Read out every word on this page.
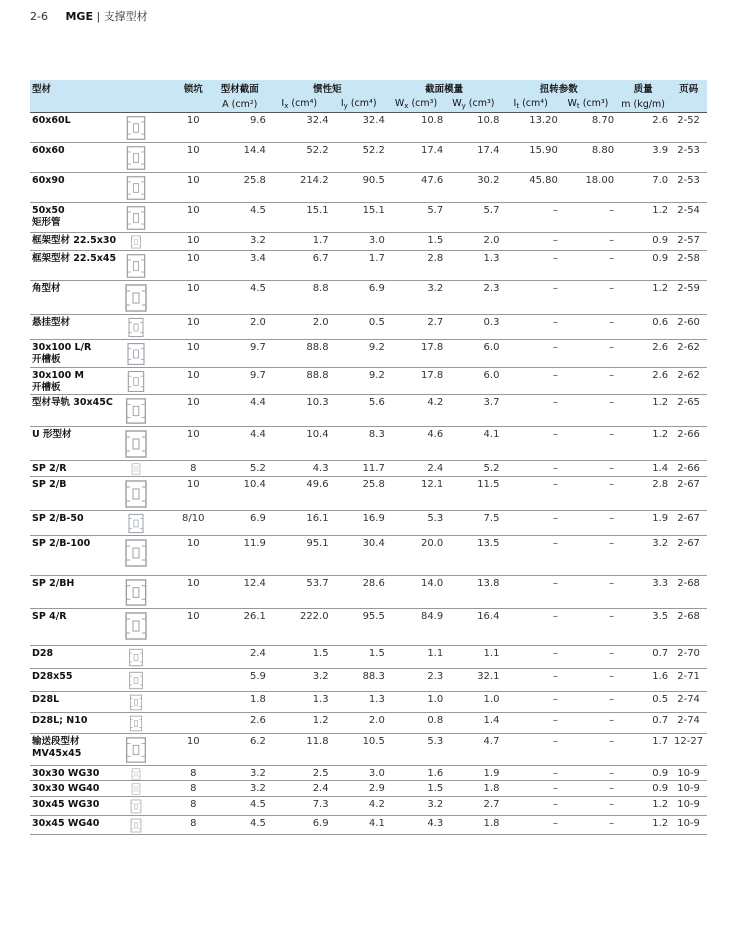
2-6 MGE | 支撑型材
型材		锁坑	型材截面	惯性矩		截面模量		扭转参数		质量	页码
			A (cm²)	$I_x$ (cm⁴)	$I_y$ (cm⁴)	$W_x$ (cm³)	$W_y$ (cm³)	$I_t$ (cm⁴)	$W_t$ (cm³)	m (kg/m)	
60x60L		10	9.6	32.4	32.4	10.8	10.8	13.20	8.70	2.6	2-52
60x60		10	14.4	52.2	52.2	17.4	17.4	15.90	8.80	3.9	2-53
60x90		10	25.8	214.2	90.5	47.6	30.2	45.80	18.00	7.0	2-53
50x50
矩形管		10	4.5	15.1	15.1	5.7	5.7	–	–	1.2	2-54
框架型材 22.5x30		10	3.2	1.7	3.0	1.5	2.0	–	–	0.9	2-57
框架型材 22.5x45		10	3.4	6.7	1.7	2.8	1.3	–	–	0.9	2-58
角型材		10	4.5	8.8	6.9	3.2	2.3	–	–	1.2	2-59
悬挂型材		10	2.0	2.0	0.5	2.7	0.3	–	–	0.6	2-60
30x100 L/R
开槽板		10	9.7	88.8	9.2	17.8	6.0	–	–	2.6	2-62
30x100 M
开槽板		10	9.7	88.8	9.2	17.8	6.0	–	–	2.6	2-62
型材导轨 30x45C		10	4.4	10.3	5.6	4.2	3.7	–	–	1.2	2-65
U 形型材		10	4.4	10.4	8.3	4.6	4.1	–	–	1.2	2-66
SP 2/R		8	5.2	4.3	11.7	2.4	5.2	–	–	1.4	2-66
SP 2/B		10	10.4	49.6	25.8	12.1	11.5	–	–	2.8	2-67
SP 2/B-50		8/10	6.9	16.1	16.9	5.3	7.5	–	–	1.9	2-67
SP 2/B-100		10	11.9	95.1	30.4	20.0	13.5	–	–	3.2	2-67
SP 2/BH		10	12.4	53.7	28.6	14.0	13.8	–	–	3.3	2-68
SP 4/R		10	26.1	222.0	95.5	84.9	16.4	–	–	3.5	2-68
D28			2.4	1.5	1.5	1.1	1.1	–	–	0.7	2-70
D28x55			5.9	3.2	88.3	2.3	32.1	–	–	1.6	2-71
D28L			1.8	1.3	1.3	1.0	1.0	–	–	0.5	2-74
D28L; N10			2.6	1.2	2.0	0.8	1.4	–	–	0.7	2-74
输送段型材
MV45x45		10	6.2	11.8	10.5	5.3	4.7	–	–	1.7	12-27
30x30 WG30		8	3.2	2.5	3.0	1.6	1.9	–	–	0.9	10-9
30x30 WG40		8	3.2	2.4	2.9	1.5	1.8	–	–	0.9	10-9
30x45 WG30		8	4.5	7.3	4.2	3.2	2.7	–	–	1.2	10-9
30x45 WG40		8	4.5	6.9	4.1	4.3	1.8	–	–	1.2	10-9
